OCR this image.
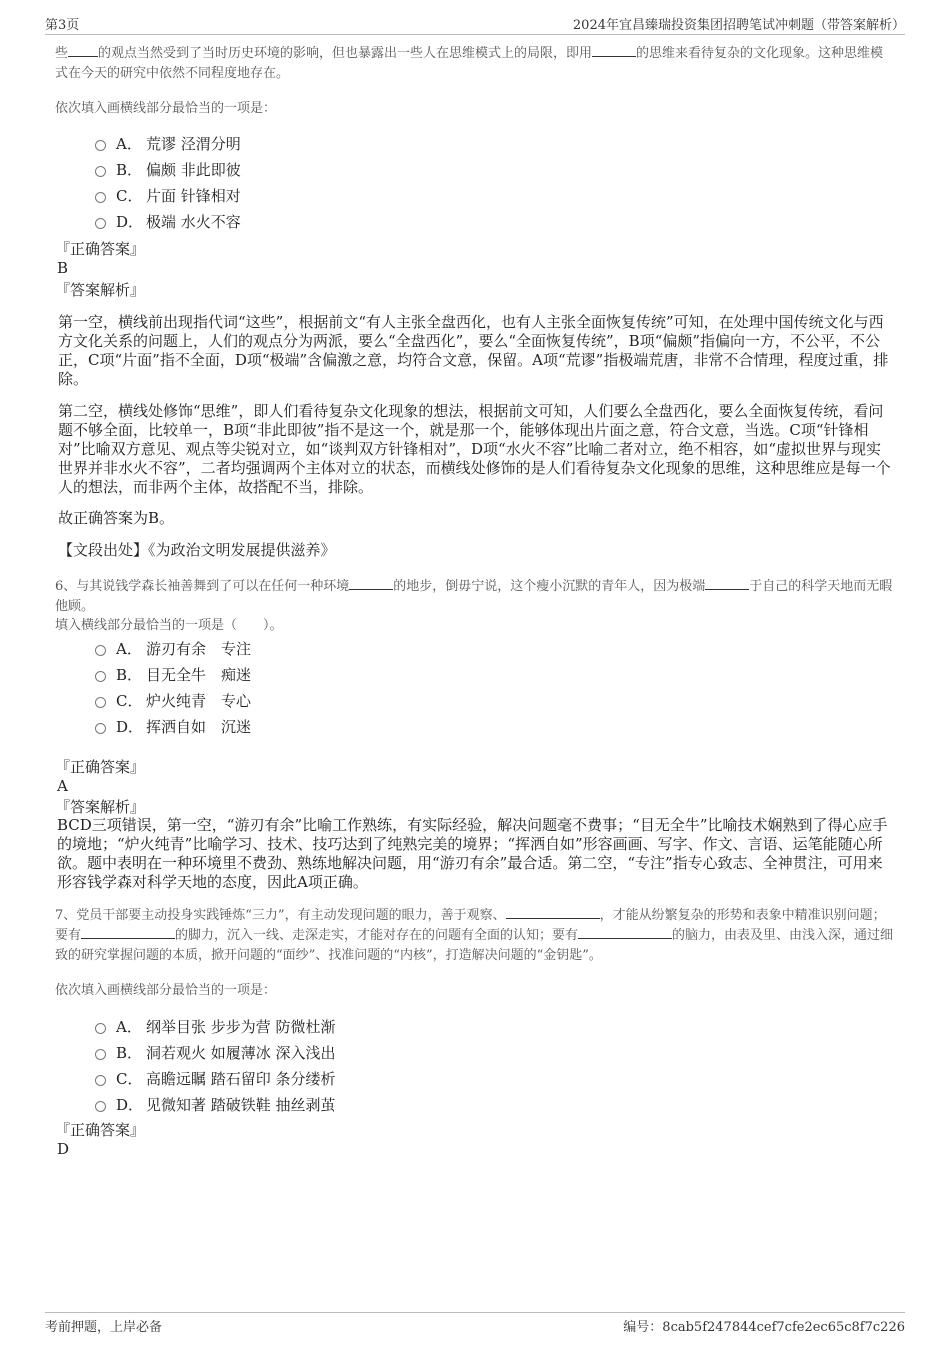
第3页	2024年宜昌臻瑞投资集团招聘笔试冲刺题（带答案解析）
些 的观点当然受到了当时历史环境的影响，但也暴露出一些人在思维模式上的局限，即用	的思维来看待复杂的文化现象。这种思维模式在今天的研究中依然不同程度地存在。
依次填入画横线部分最恰当的一项是：
A． 荒谬 泾渭分明
B． 偏颇 非此即彼
C． 片面 针锋相对
D． 极端 水火不容
『正确答案』
B
『答案解析』
第一空，横线前出现指代词“这些”，根据前文“有人主张全盘西化，也有人主张全面恢复传统”可知，在处理中国传统文化与西方文化关系的问题上，人们的观点分为两派，要么“全盘西化”，要么“全面恢复传统”，B项“偏颇”指偏向一方，不公平，不公正，C项“片面”指不全面，D项“极端”含偏激之意，均符合文意，保留。A项“荒谬”指极端荒唐，非常不合情理，程度过重，排除。
第二空，横线处修饰“思维”，即人们看待复杂文化现象的想法，根据前文可知，人们要么全盘西化，要么全面恢复传统，看问题不够全面，比较单一，B项“非此即彼”指不是这一个，就是那一个，能够体现出片面之意，符合文意，当选。C项“针锋相对”比喻双方意见、观点等尖锐对立，如“谈判双方针锋相对”，D项“水火不容”比喻二者对立，绝不相容，如“虚拟世界与现实世界并非水火不容”，二者均强调两个主体对立的状态，而横线处修饰的是人们看待复杂文化现象的思维，这种思维应是每一个人的想法，而非两个主体，故搭配不当，排除。
故正确答案为B。
【文段出处】《为政治文明发展提供滋养》
6、与其说钱学森长袖善舞到了可以在任何一种环境	的地步，倒毋宁说，这个瘦小沉默的青年人，因为极端	于自己的科学天地而无暇他顾。
填入横线部分最恰当的一项是（　　）。
A． 游刃有余　专注
B． 目无全牛　痴迷
C． 炉火纯青　专心
D． 挥洒自如　沉迷
『正确答案』
A
『答案解析』
BCD三项错误，第一空，“游刃有余”比喻工作熟练，有实际经验，解决问题毫不费事；“目无全牛”比喻技术娴熟到了得心应手的境地；“炉火纯青”比喻学习、技术、技巧达到了纯熟完美的境界；“挥洒自如”形容画画、写字、作文、言语、运笔能随心所欲。题中表明在一种环境里不费劲、熟练地解决问题，用“游刃有余”最合适。第二空，“专注”指专心致志、全神贯注，可用来形容钱学森对科学天地的态度，因此A项正确。
7、党员干部要主动投身实践锤炼“三力”，有主动发现问题的眼力，善于观察、	，才能从纷繁复杂的形势和表象中精准识别问题；要有	的脚力，沉入一线、走深走实，才能对存在的问题有全面的认知；要有	的脑力，由表及里、由浅入深，通过细致的研究掌握问题的本质，掀开问题的“面纱”、找准问题的“内核”，打造解决问题的“金钥匙”。
依次填入画横线部分最恰当的一项是：
A． 纲举目张 步步为营 防微杜渐
B． 洞若观火 如履薄冰 深入浅出
C． 高瞻远瞩 踏石留印 条分缕析
D． 见微知著 踏破铁鞋 抽丝剥茧
『正确答案』
D
考前押题，上岸必备	编号：8cab5f247844cef7cfe2ec65c8f7c226
